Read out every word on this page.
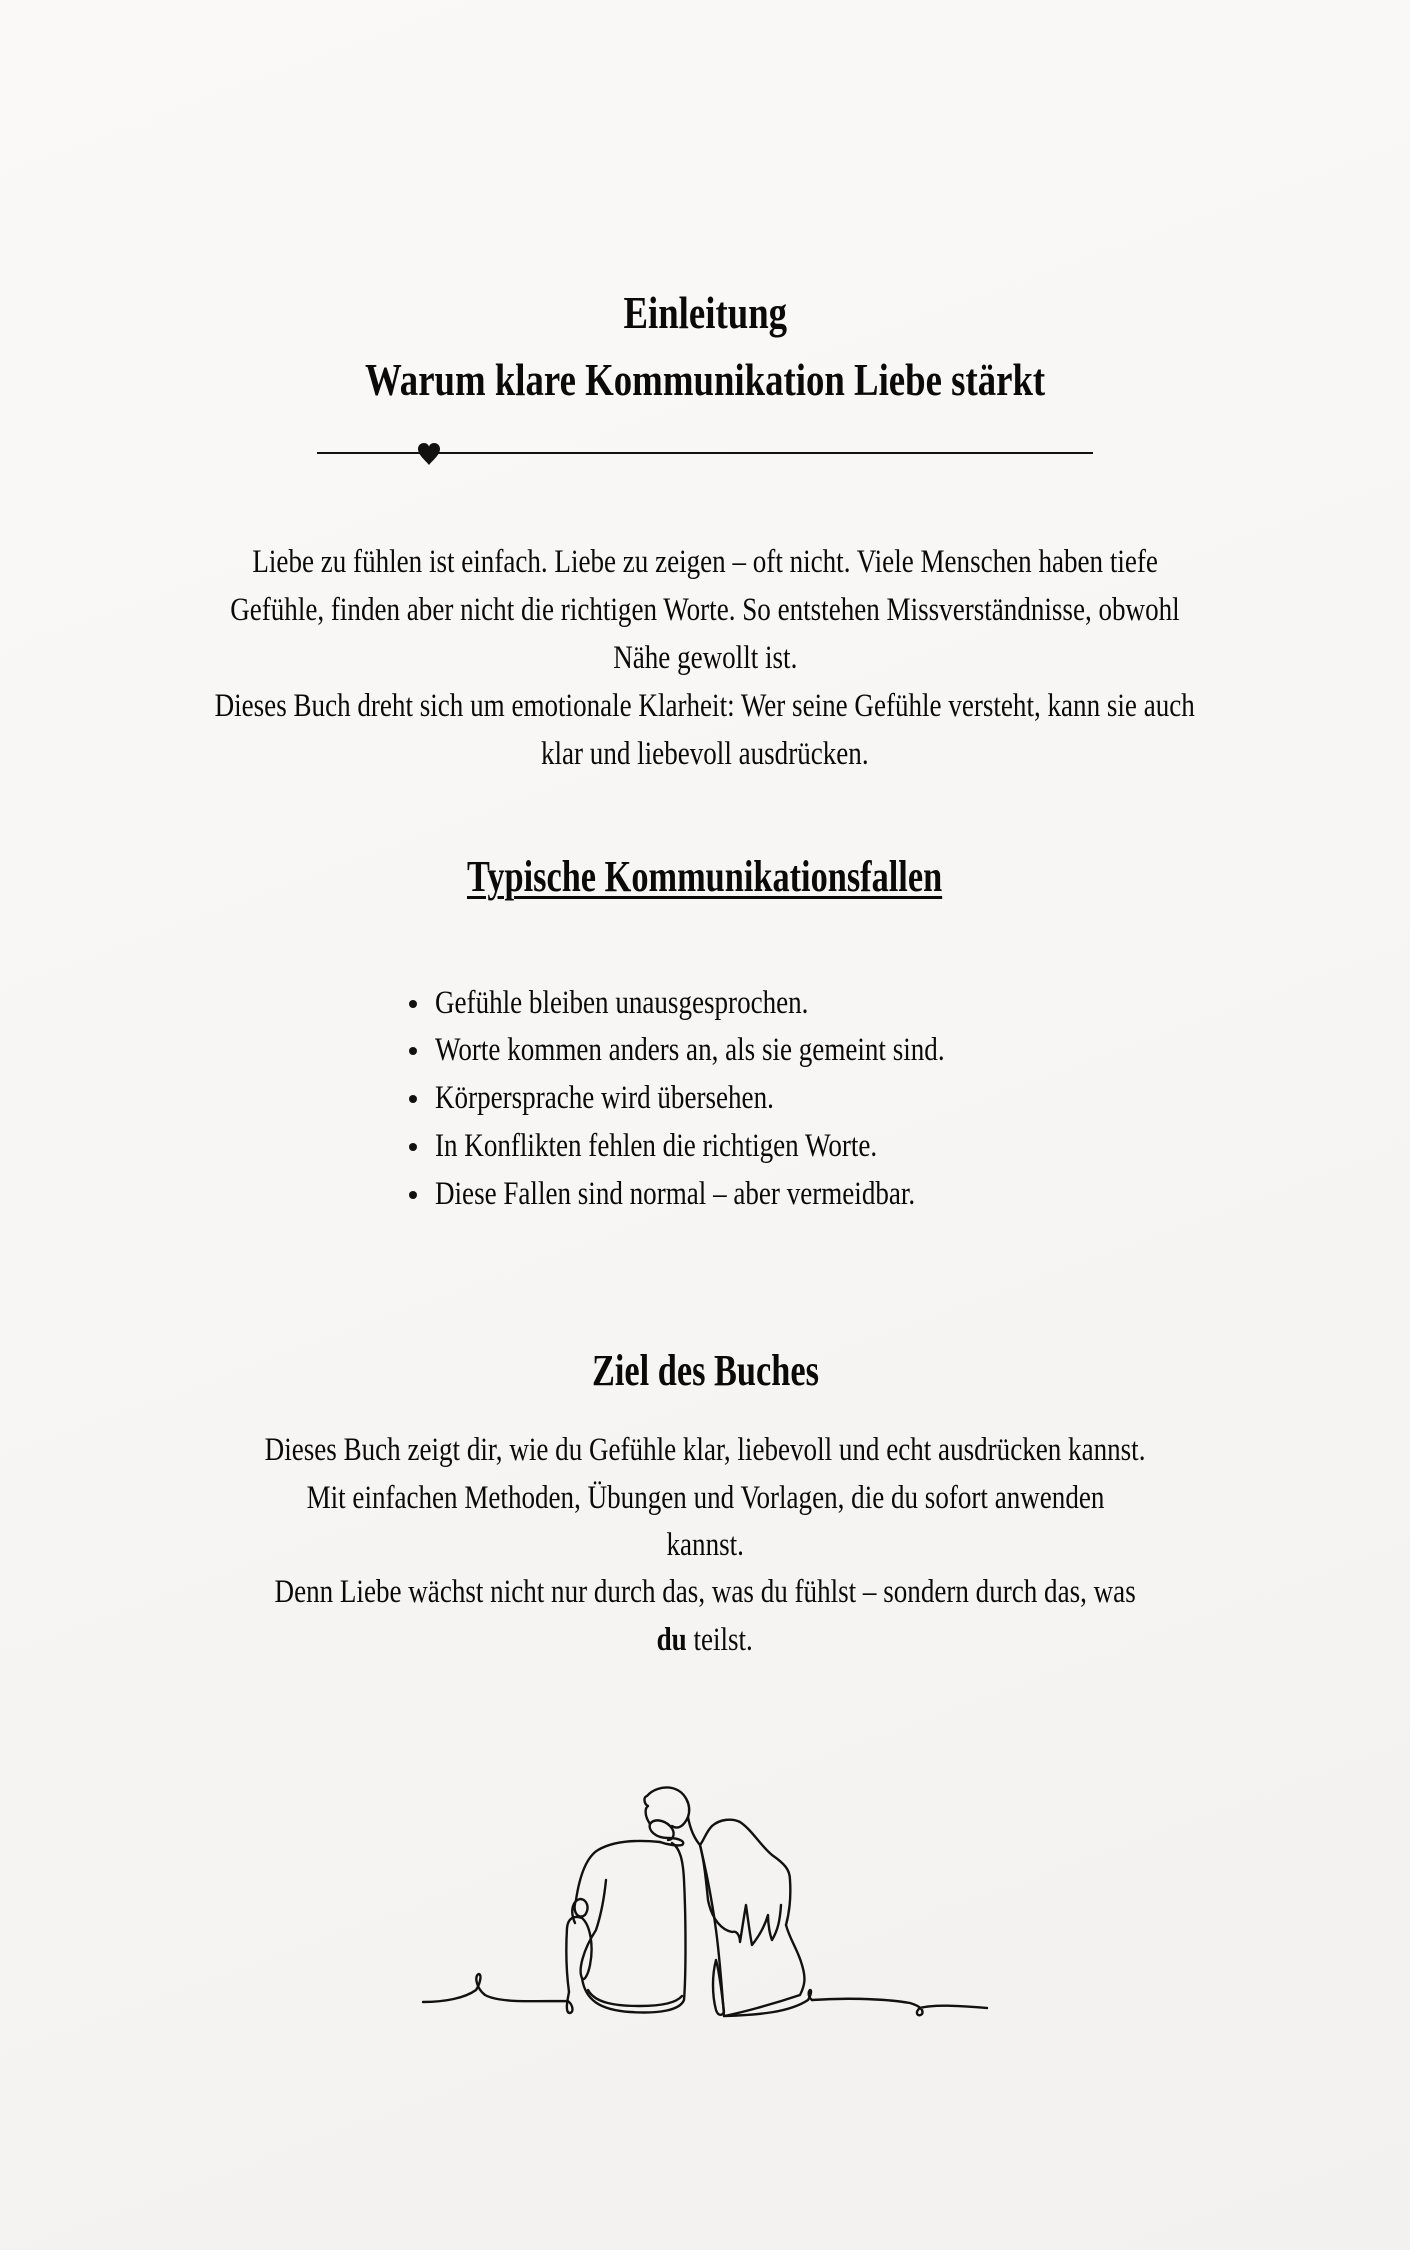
Einleitung
Warum klare Kommunikation Liebe stärkt
Liebe zu fühlen ist einfach. Liebe zu zeigen – oft nicht. Viele Menschen haben tiefe
Gefühle, finden aber nicht die richtigen Worte. So entstehen Missverständnisse, obwohl
Nähe gewollt ist.
Dieses Buch dreht sich um emotionale Klarheit: Wer seine Gefühle versteht, kann sie auch
klar und liebevoll ausdrücken.
Typische Kommunikationsfallen
Gefühle bleiben unausgesprochen.
Worte kommen anders an, als sie gemeint sind.
Körpersprache wird übersehen.
In Konflikten fehlen die richtigen Worte.
Diese Fallen sind normal – aber vermeidbar.
Ziel des Buches
Dieses Buch zeigt dir, wie du Gefühle klar, liebevoll und echt ausdrücken kannst.
Mit einfachen Methoden, Übungen und Vorlagen, die du sofort anwenden
kannst.
Denn Liebe wächst nicht nur durch das, was du fühlst – sondern durch das, was
du teilst.
